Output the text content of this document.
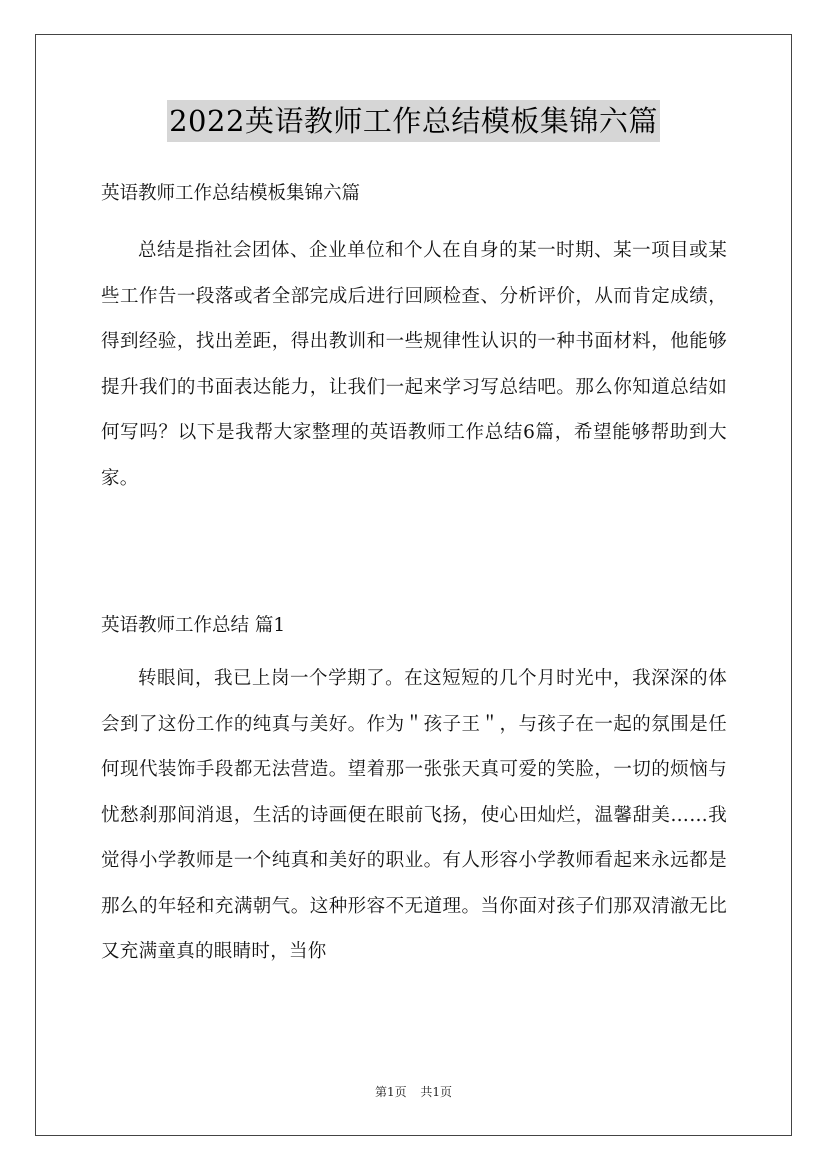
2022英语教师工作总结模板集锦六篇
英语教师工作总结模板集锦六篇

总结是指社会团体、企业单位和个人在自身的某一时期、某一项目或某些工作告一段落或者全部完成后进行回顾检查、分析评价，从而肯定成绩，得到经验，找出差距，得出教训和一些规律性认识的一种书面材料，他能够提升我们的书面表达能力，让我们一起来学习写总结吧。那么你知道总结如何写吗？以下是我帮大家整理的英语教师工作总结6篇，希望能够帮助到大家。

英语教师工作总结 篇1

转眼间，我已上岗一个学期了。在这短短的几个月时光中，我深深的体会到了这份工作的纯真与美好。作为＂孩子王＂，与孩子在一起的氛围是任何现代装饰手段都无法营造。望着那一张张天真可爱的笑脸，一切的烦恼与忧愁刹那间消退，生活的诗画便在眼前飞扬，使心田灿烂，温馨甜美……我觉得小学教师是一个纯真和美好的职业。有人形容小学教师看起来永远都是那么的年轻和充满朝气。这种形容不无道理。当你面对孩子们那双清澈无比又充满童真的眼睛时，当你

第1页 共1页
